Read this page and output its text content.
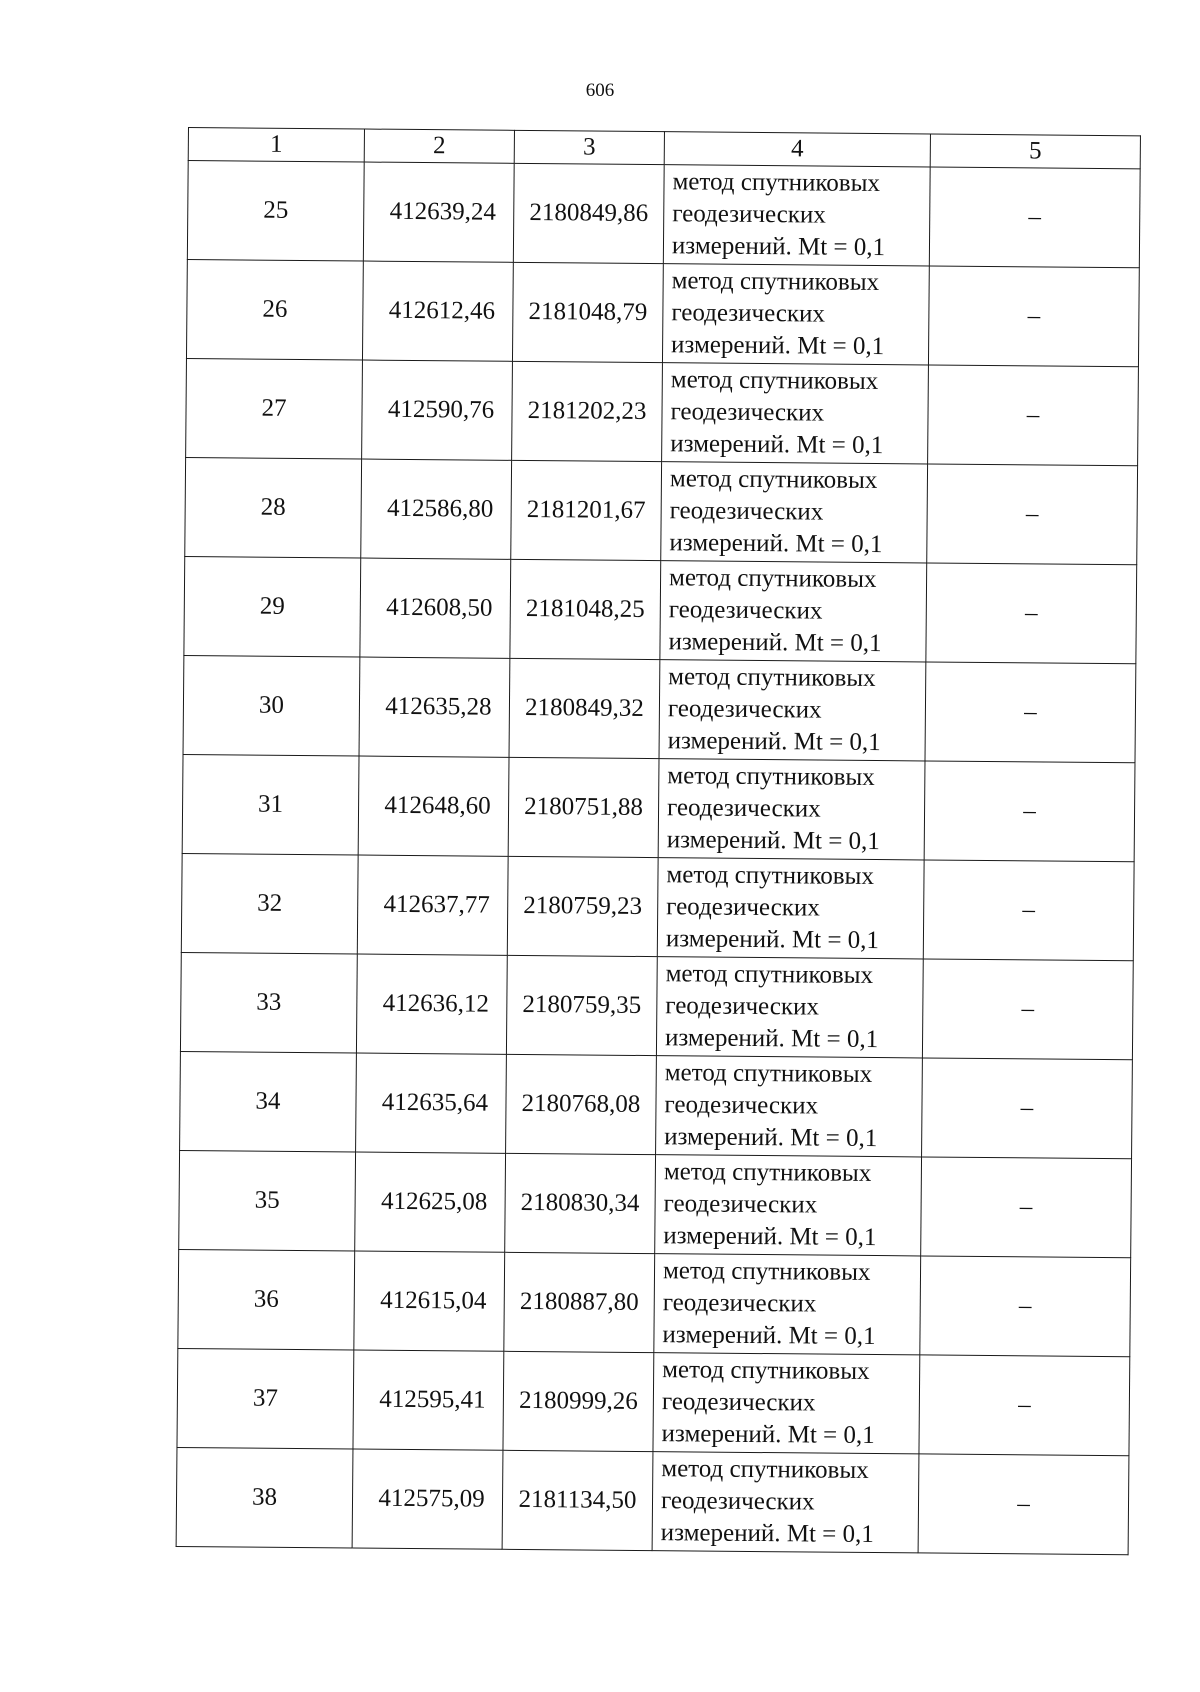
606
1	2	3	4	5
25	412639,24	2180849,86	метод спутниковых
геодезических
измерений. Mt = 0,1	–
26	412612,46	2181048,79	метод спутниковых
геодезических
измерений. Mt = 0,1	–
27	412590,76	2181202,23	метод спутниковых
геодезических
измерений. Mt = 0,1	–
28	412586,80	2181201,67	метод спутниковых
геодезических
измерений. Mt = 0,1	–
29	412608,50	2181048,25	метод спутниковых
геодезических
измерений. Mt = 0,1	–
30	412635,28	2180849,32	метод спутниковых
геодезических
измерений. Mt = 0,1	–
31	412648,60	2180751,88	метод спутниковых
геодезических
измерений. Mt = 0,1	–
32	412637,77	2180759,23	метод спутниковых
геодезических
измерений. Mt = 0,1	–
33	412636,12	2180759,35	метод спутниковых
геодезических
измерений. Mt = 0,1	–
34	412635,64	2180768,08	метод спутниковых
геодезических
измерений. Mt = 0,1	–
35	412625,08	2180830,34	метод спутниковых
геодезических
измерений. Mt = 0,1	–
36	412615,04	2180887,80	метод спутниковых
геодезических
измерений. Mt = 0,1	–
37	412595,41	2180999,26	метод спутниковых
геодезических
измерений. Mt = 0,1	–
38	412575,09	2181134,50	метод спутниковых
геодезических
измерений. Mt = 0,1	–
